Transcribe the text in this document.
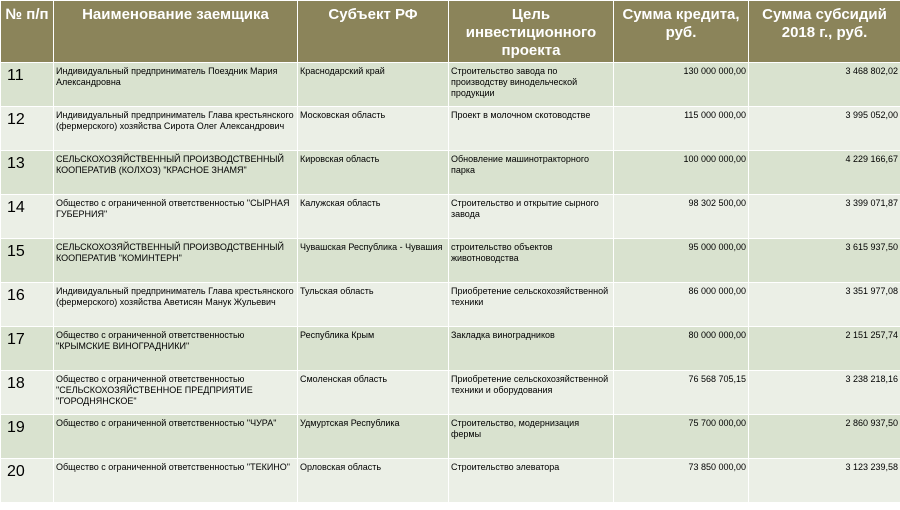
№ п/п	Наименование заемщика	Субъект РФ	Цель инвестиционного проекта	Сумма кредита, руб.	Сумма субсидий 2018 г., руб.
11	Индивидуальный предприниматель Поездник Мария Александровна	Краснодарский край	Строительство завода по производству винодельческой продукции	130 000 000,00	3 468 802,02
12	Индивидуальный предприниматель Глава крестьянского (фермерского) хозяйства Сирота Олег Александрович	Московская область	Проект в молочном скотоводстве	115 000 000,00	3 995 052,00
13	СЕЛЬСКОХОЗЯЙСТВЕННЫЙ ПРОИЗВОДСТВЕННЫЙ КООПЕРАТИВ (КОЛХОЗ) "КРАСНОЕ ЗНАМЯ"	Кировская область	Обновление машинотракторного парка	100 000 000,00	4 229 166,67
14	Общество с ограниченной ответственностью "СЫРНАЯ ГУБЕРНИЯ"	Калужская область	Строительство и открытие сырного завода	98 302 500,00	3 399 071,87
15	СЕЛЬСКОХОЗЯЙСТВЕННЫЙ ПРОИЗВОДСТВЕННЫЙ КООПЕРАТИВ "КОМИНТЕРН"	Чувашская Республика - Чувашия	строительство объектов животноводства	95 000 000,00	3 615 937,50
16	Индивидуальный предприниматель Глава крестьянского (фермерского) хозяйства Аветисян Манук Жульевич	Тульская область	Приобретение сельскохозяйственной техники	86 000 000,00	3 351 977,08
17	Общество с ограниченной ответственностью "КРЫМСКИЕ ВИНОГРАДНИКИ"	Республика Крым	Закладка виноградников	80 000 000,00	2 151 257,74
18	Общество с ограниченной ответственностью "СЕЛЬСКОХОЗЯЙСТВЕННОЕ ПРЕДПРИЯТИЕ "ГОРОДНЯНСКОЕ"	Смоленская область	Приобретение сельскохозяйственной техники и оборудования	76 568 705,15	3 238 218,16
19	Общество с ограниченной ответственностью "ЧУРА"	Удмуртская Республика	Строительство, модернизация фермы	75 700 000,00	2 860 937,50
20	Общество с ограниченной ответственностью "ТЕКИНО"	Орловская область	Строительство элеватора	73 850 000,00	3 123 239,58
